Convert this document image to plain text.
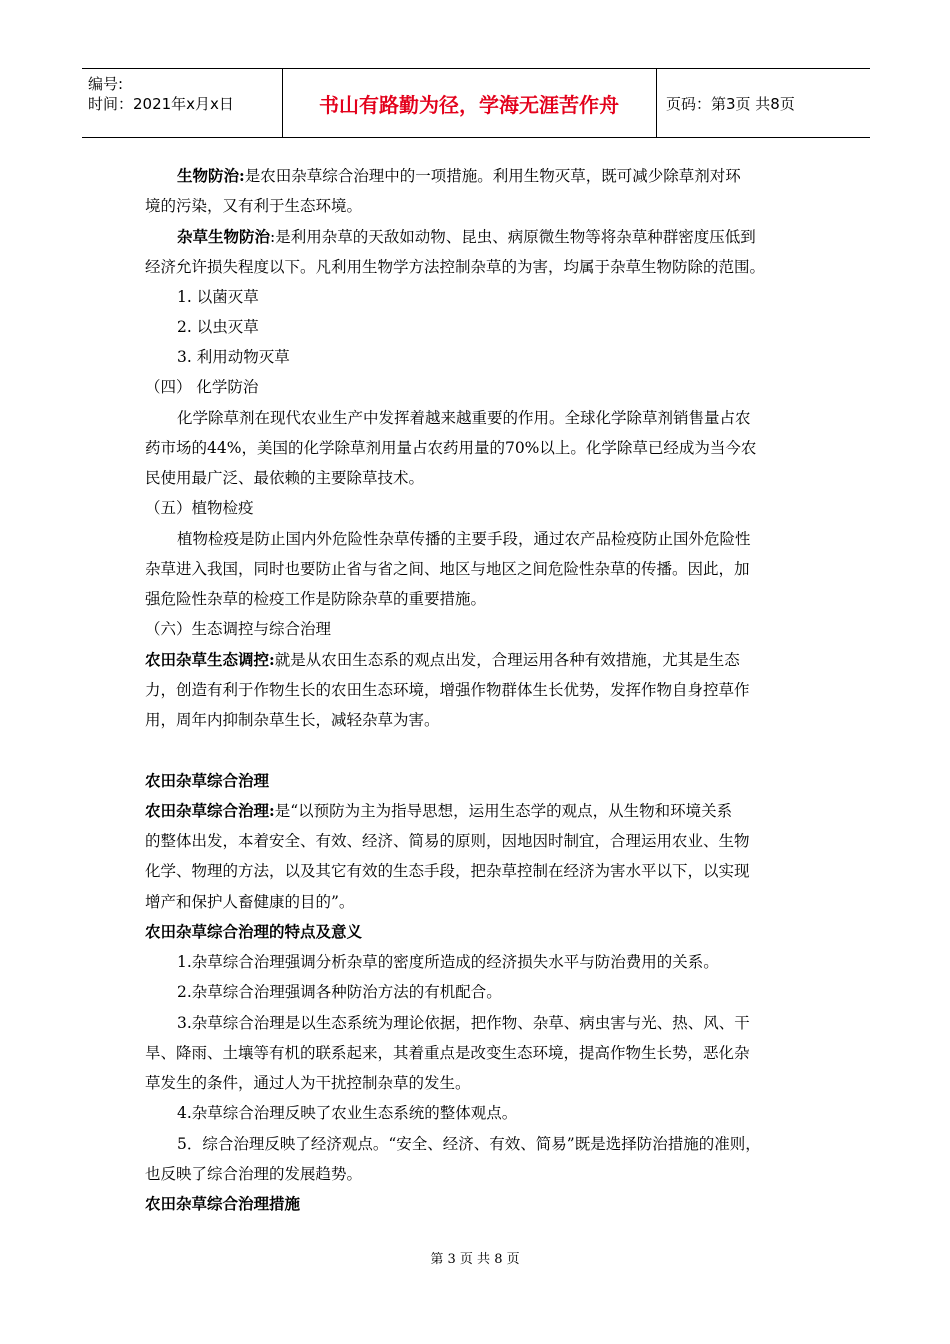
编号:
时间：2021年x月x日	书山有路勤为径，学海无涯苦作舟	页码：第3页 共8页
生物防治:是农田杂草综合治理中的一项措施。利用生物灭草，既可减少除草剂对环
境的污染，又有利于生态环境。
杂草生物防治:是利用杂草的天敌如动物、昆虫、病原微生物等将杂草种群密度压低到
经济允许损失程度以下。凡利用生物学方法控制杂草的为害，均属于杂草生物防除的范围。
1. 以菌灭草
2. 以虫灭草
3. 利用动物灭草
（四） 化学防治
化学除草剂在现代农业生产中发挥着越来越重要的作用。全球化学除草剂销售量占农
药市场的44%，美国的化学除草剂用量占农药用量的70%以上。化学除草已经成为当今农
民使用最广泛、最依赖的主要除草技术。
（五）植物检疫
植物检疫是防止国内外危险性杂草传播的主要手段，通过农产品检疫防止国外危险性
杂草进入我国，同时也要防止省与省之间、地区与地区之间危险性杂草的传播。因此，加
强危险性杂草的检疫工作是防除杂草的重要措施。
（六）生态调控与综合治理
农田杂草生态调控:就是从农田生态系的观点出发，合理运用各种有效措施，尤其是生态
力，创造有利于作物生长的农田生态环境，增强作物群体生长优势，发挥作物自身控草作
用，周年内抑制杂草生长，减轻杂草为害。
农田杂草综合治理
农田杂草综合治理:是“以预防为主为指导思想，运用生态学的观点，从生物和环境关系
的整体出发，本着安全、有效、经济、简易的原则，因地因时制宜，合理运用农业、生物
化学、物理的方法，以及其它有效的生态手段，把杂草控制在经济为害水平以下，以实现
增产和保护人畜健康的目的”。
农田杂草综合治理的特点及意义
1.杂草综合治理强调分析杂草的密度所造成的经济损失水平与防治费用的关系。
2.杂草综合治理强调各种防治方法的有机配合。
3.杂草综合治理是以生态系统为理论依据，把作物、杂草、病虫害与光、热、风、干
旱、降雨、土壤等有机的联系起来，其着重点是改变生态环境，提高作物生长势，恶化杂
草发生的条件，通过人为干扰控制杂草的发生。
4.杂草综合治理反映了农业生态系统的整体观点。
5．综合治理反映了经济观点。“安全、经济、有效、简易”既是选择防治措施的准则，
也反映了综合治理的发展趋势。
农田杂草综合治理措施
第 3 页 共 8 页
